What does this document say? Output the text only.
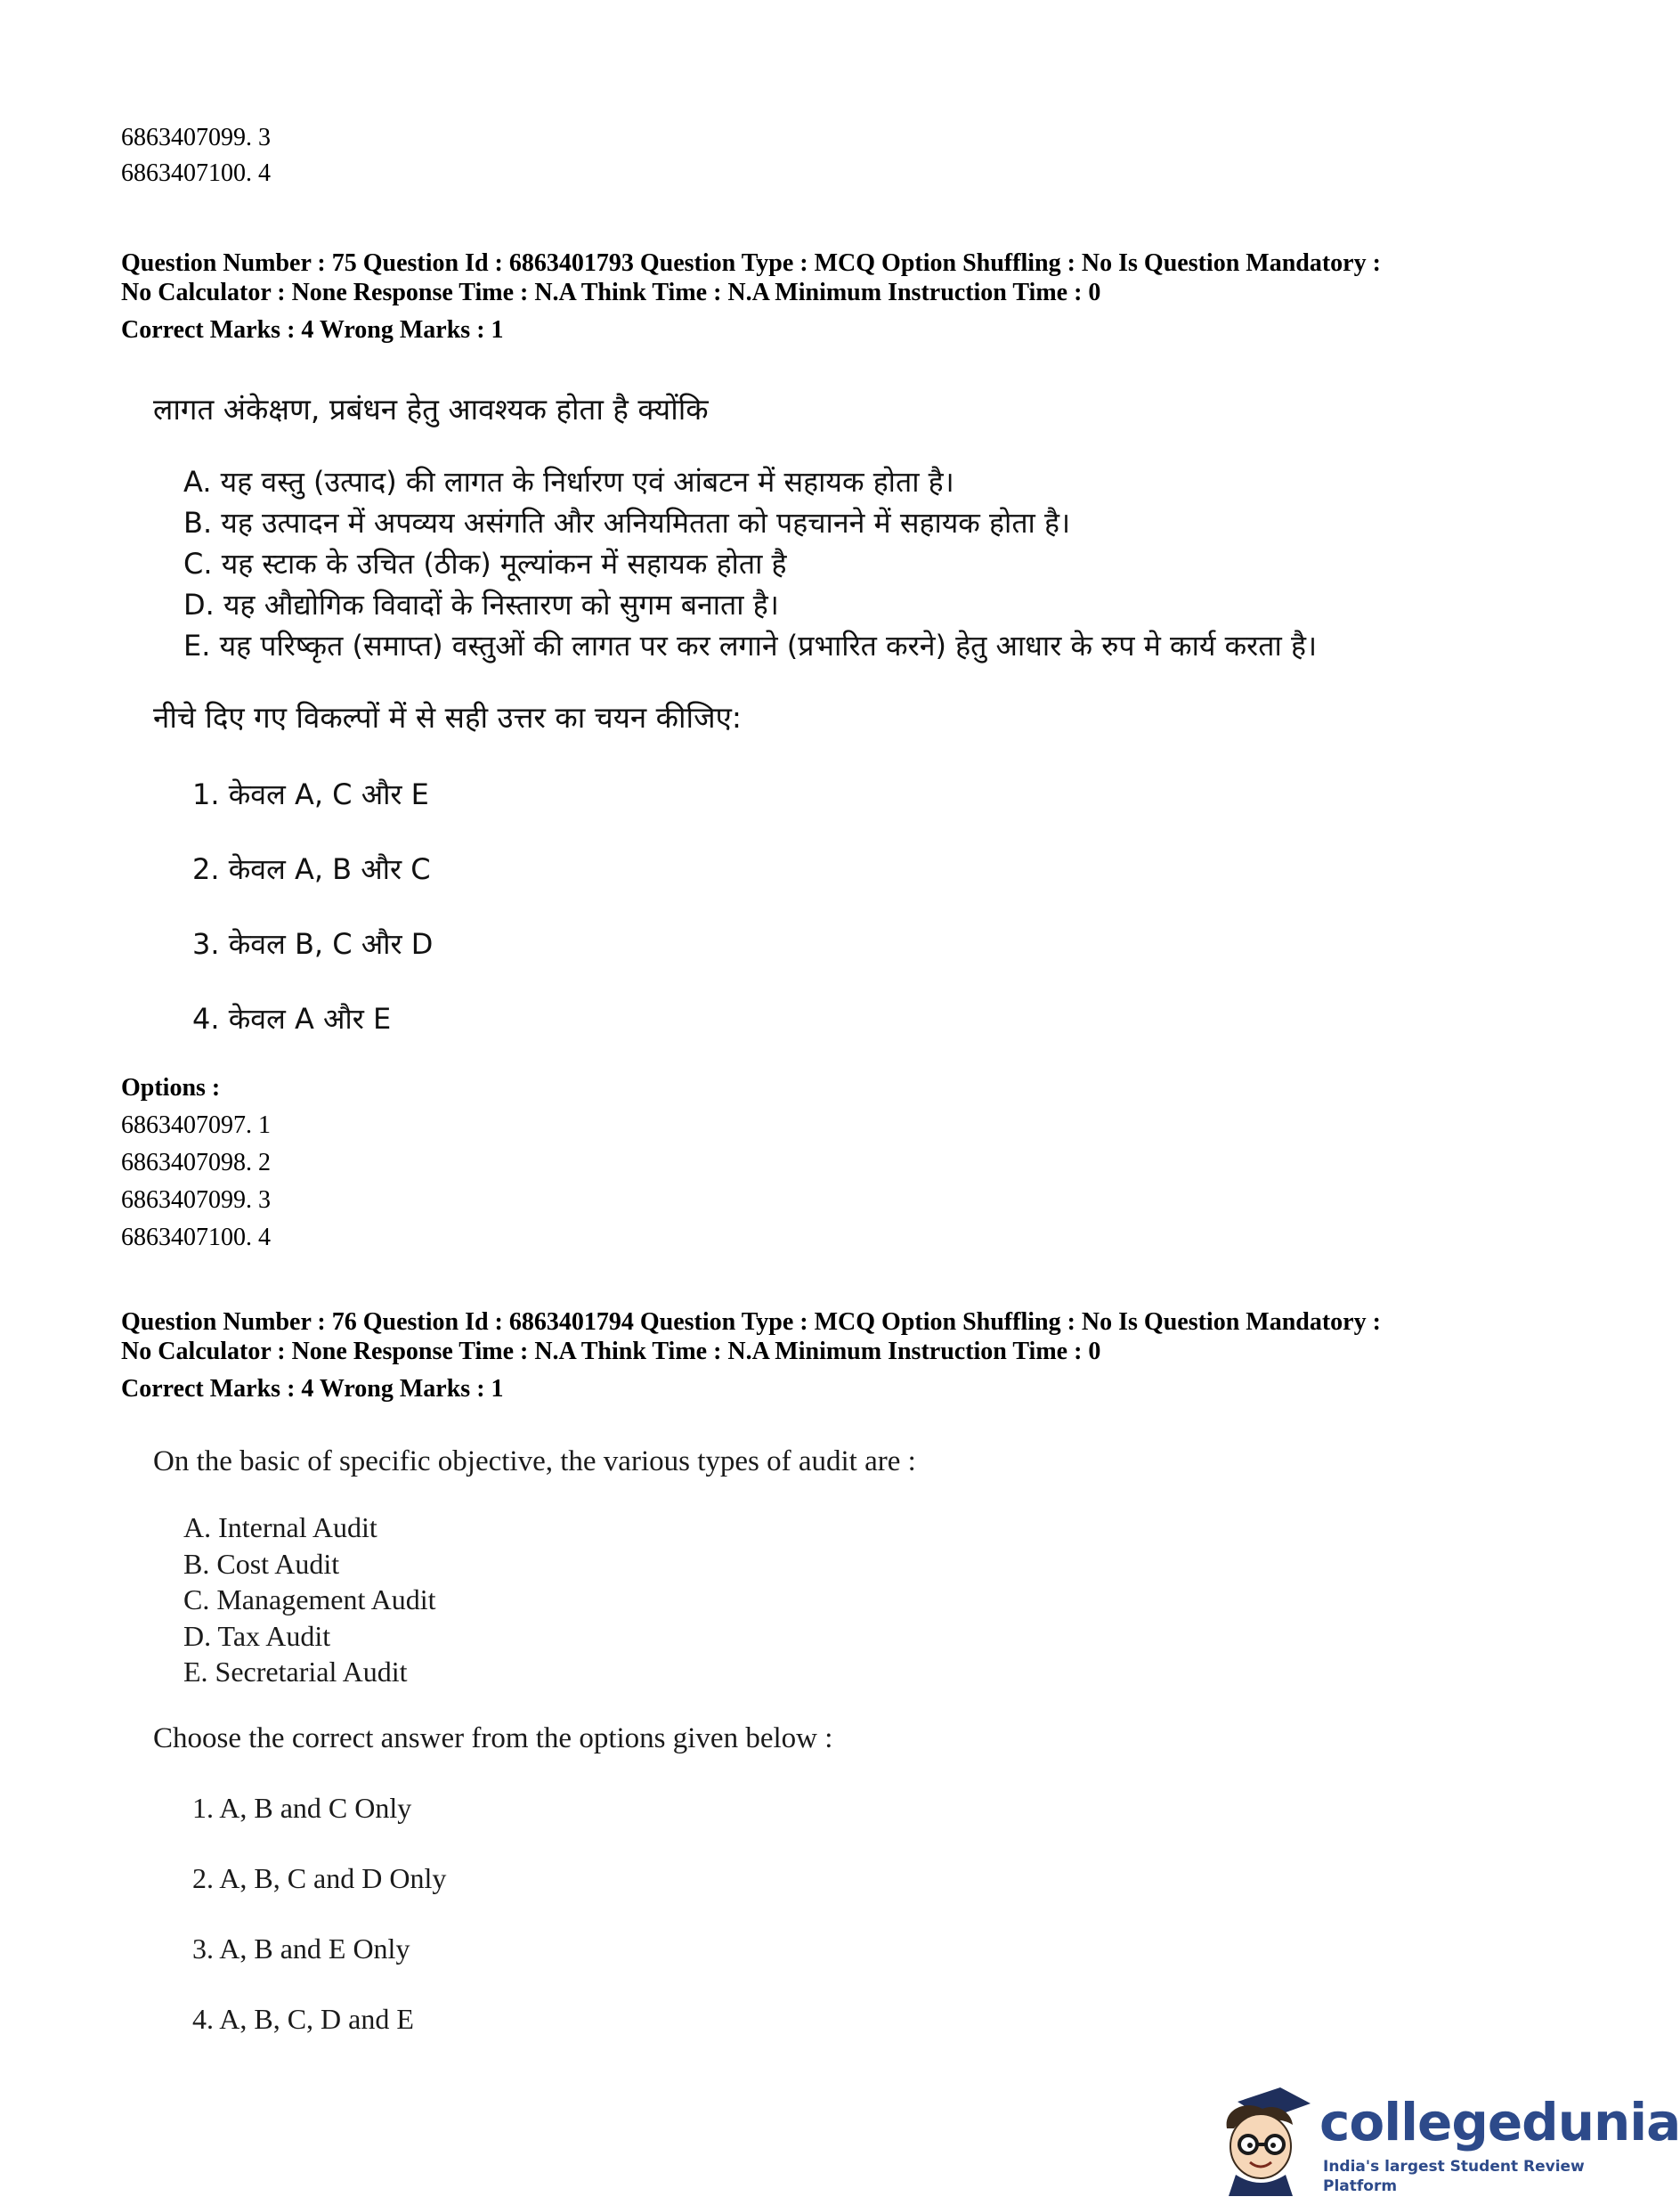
6863407099. 3
6863407100. 4
Question Number : 75 Question Id : 6863401793 Question Type : MCQ Option Shuffling : No Is Question Mandatory :
No Calculator : None Response Time : N.A Think Time : N.A Minimum Instruction Time : 0
Correct Marks : 4 Wrong Marks : 1
लागत अंकेक्षण, प्रबंधन हेतु आवश्यक होता है क्योंकि
A. यह वस्तु (उत्पाद) की लागत के निर्धारण एवं आंबटन में सहायक होता है।
B. यह उत्पादन में अपव्यय असंगति और अनियमितता को पहचानने में सहायक होता है।
C. यह स्टाक के उचित (ठीक) मूल्यांकन में सहायक होता है
D. यह औद्योगिक विवादों के निस्तारण को सुगम बनाता है।
E. यह परिष्कृत (समाप्त) वस्तुओं की लागत पर कर लगाने (प्रभारित करने) हेतु आधार के रुप मे कार्य करता है।
नीचे दिए गए विकल्पों में से सही उत्तर का चयन कीजिए:
1. केवल A, C और E
2. केवल A, B और C
3. केवल B, C और D
4. केवल A और E
Options :
6863407097. 1
6863407098. 2
6863407099. 3
6863407100. 4
Question Number : 76 Question Id : 6863401794 Question Type : MCQ Option Shuffling : No Is Question Mandatory :
No Calculator : None Response Time : N.A Think Time : N.A Minimum Instruction Time : 0
Correct Marks : 4 Wrong Marks : 1
On the basic of specific objective, the various types of audit are :
A. Internal Audit
B. Cost Audit
C. Management Audit
D. Tax Audit
E. Secretarial Audit
Choose the correct answer from the options given below :
1. A, B and C Only
2. A, B, C and D Only
3. A, B and E Only
4. A, B, C, D and E
collegedunia
India's largest Student Review Platform
